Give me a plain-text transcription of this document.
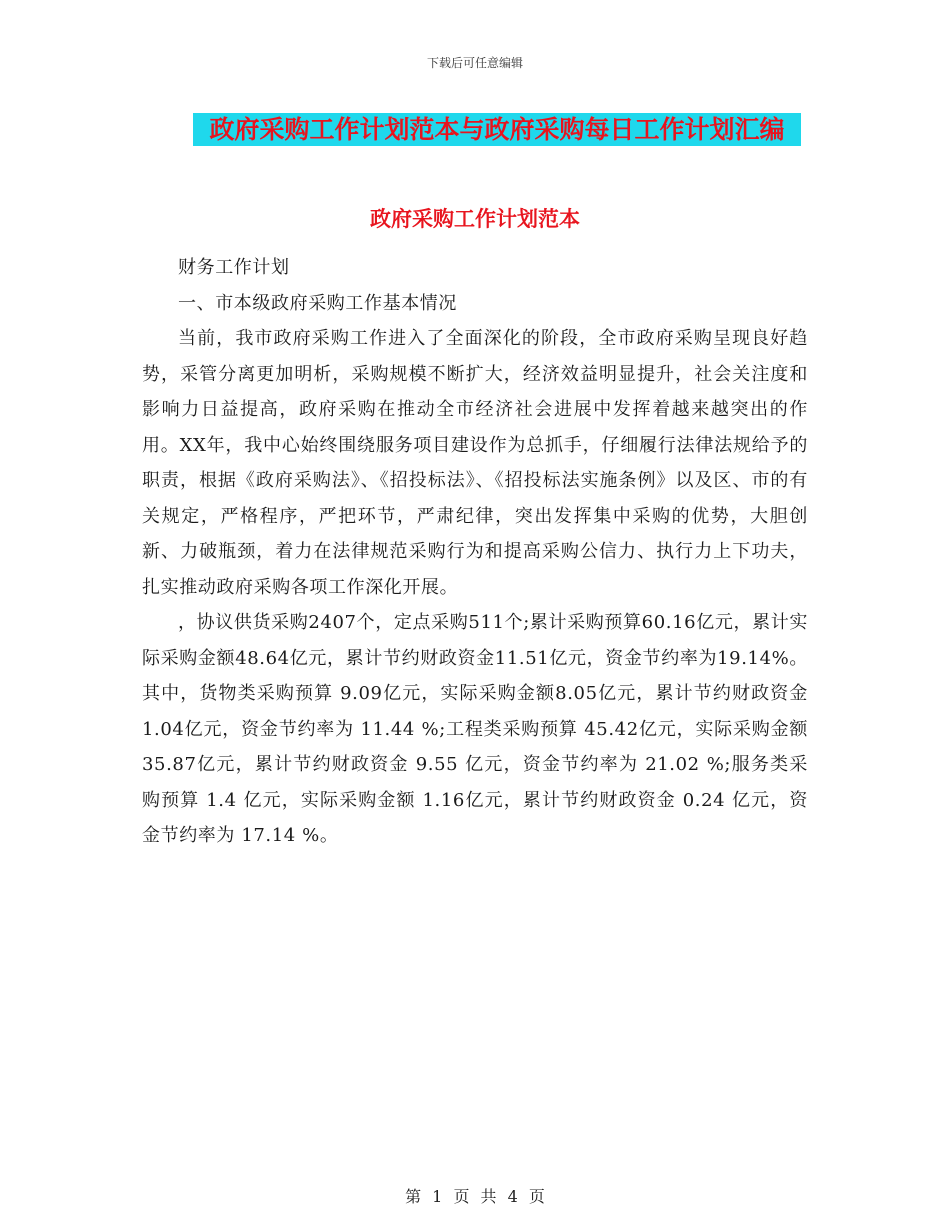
下载后可任意编辑
政府采购工作计划范本与政府采购每日工作计划汇编
政府采购工作计划范本

财务工作计划

一、市本级政府采购工作基本情况

当前，我市政府采购工作进入了全面深化的阶段，全市政府采购呈现良好趋势，采管分离更加明析，采购规模不断扩大，经济效益明显提升，社会关注度和影响力日益提高，政府采购在推动全市经济社会进展中发挥着越来越突出的作用。XX年，我中心始终围绕服务项目建设作为总抓手，仔细履行法律法规给予的职责，根据《政府采购法》、《招投标法》、《招投标法实施条例》以及区、市的有关规定，严格程序，严把环节，严肃纪律，突出发挥集中采购的优势，大胆创新、力破瓶颈，着力在法律规范采购行为和提高采购公信力、执行力上下功夫，扎实推动政府采购各项工作深化开展。

，协议供货采购2407个，定点采购511个;累计采购预算60.16亿元，累计实际采购金额48.64亿元，累计节约财政资金11.51亿元，资金节约率为19.14%。其中，货物类采购预算 9.09亿元，实际采购金额8.05亿元，累计节约财政资金1.04亿元，资金节约率为 11.44 %;工程类采购预算 45.42亿元，实际采购金额35.87亿元，累计节约财政资金 9.55 亿元，资金节约率为 21.02 %;服务类采购预算 1.4 亿元，实际采购金额 1.16亿元，累计节约财政资金 0.24 亿元，资金节约率为 17.14 %。

第 1 页 共 4 页
